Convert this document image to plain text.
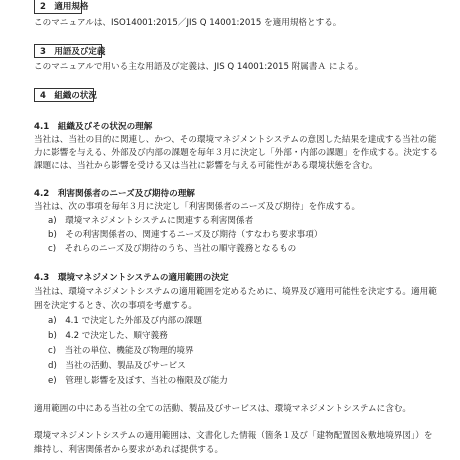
2　適用規格
このマニュアルは、ISO14001:2015／JIS Q 14001:2015 を適用規格とする。
3　用語及び定義
このマニュアルで用いる主な用語及び定義は、JIS Q 14001:2015 附属書Ａ による。
4　組織の状況
4.1　組織及びその状況の理解
当社は、当社の目的に関連し、かつ、その環境マネジメントシステムの意図した結果を達成する当社の能
力に影響を与える、外部及び内部の課題を毎年３月に決定し「外部・内部の課題」を作成する。決定する
課題には、当社から影響を受ける又は当社に影響を与える可能性がある環境状態を含む。
4.2　利害関係者のニーズ及び期待の理解
当社は、次の事項を毎年３月に決定し「利害関係者のニーズ及び期待」を作成する。
a)　環境マネジメントシステムに関連する利害関係者
b)　その利害関係者の、関連するニーズ及び期待（すなわち要求事項）
c)　それらのニーズ及び期待のうち、当社の順守義務となるもの
4.3　環境マネジメントシステムの適用範囲の決定
当社は、環境マネジメントシステムの適用範囲を定めるために、境界及び適用可能性を決定する。適用範
囲を決定するとき、次の事項を考慮する。
a)　4.1 で決定した外部及び内部の課題
b)　4.2 で決定した、順守義務
c)　当社の単位、機能及び物理的境界
d)　当社の活動、製品及びサービス
e)　管理し影響を及ぼす、当社の権限及び能力
適用範囲の中にある当社の全ての活動、製品及びサービスは、環境マネジメントシステムに含む。
環境マネジメントシステムの適用範囲は、文書化した情報（箇条１及び「建物配置図＆敷地境界図」）を
維持し、利害関係者から要求があれば提供する。
